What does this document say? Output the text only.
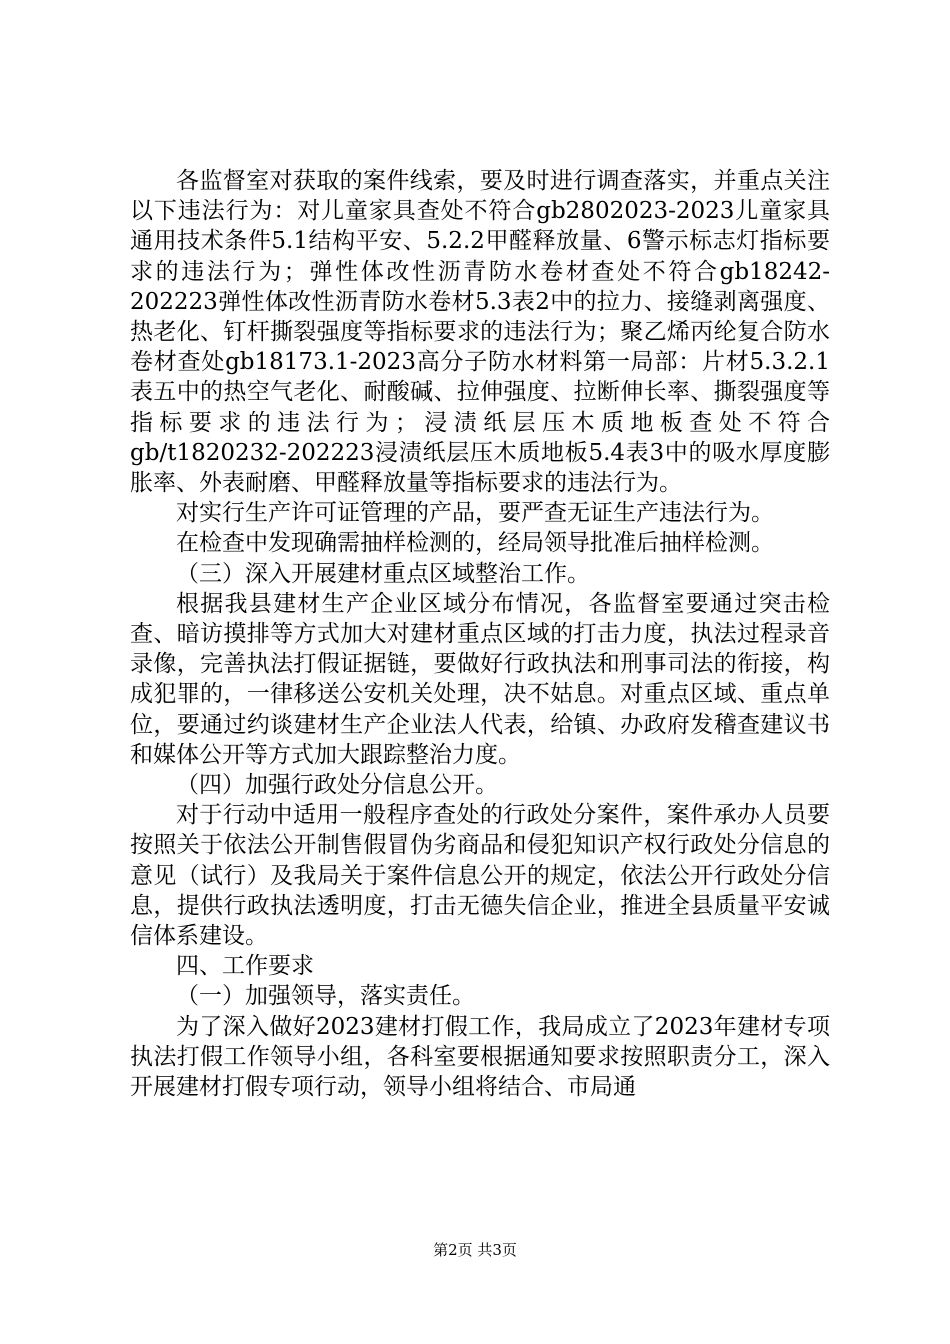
各监督室对获取的案件线索，要及时进行调查落实，并重点关注以下违法行为：对儿童家具查处不符合gb2802023-2023儿童家具通用技术条件5.1结构平安、5.2.2甲醛释放量、6警示标志灯指标要求的违法行为；弹性体改性沥青防水卷材查处不符合gb18242-202223弹性体改性沥青防水卷材5.3表2中的拉力、接缝剥离强度、热老化、钉杆撕裂强度等指标要求的违法行为；聚乙烯丙纶复合防水卷材查处gb18173.1-2023高分子防水材料第一局部：片材5.3.2.1表五中的热空气老化、耐酸碱、拉伸强度、拉断伸长率、撕裂强度等指标要求的违法行为；浸渍纸层压木质地板查处不符合gb/t1820232-202223浸渍纸层压木质地板5.4表3中的吸水厚度膨胀率、外表耐磨、甲醛释放量等指标要求的违法行为。

对实行生产许可证管理的产品，要严查无证生产违法行为。

在检查中发现确需抽样检测的，经局领导批准后抽样检测。

（三）深入开展建材重点区域整治工作。

根据我县建材生产企业区域分布情况，各监督室要通过突击检查、暗访摸排等方式加大对建材重点区域的打击力度，执法过程录音录像，完善执法打假证据链，要做好行政执法和刑事司法的衔接，构成犯罪的，一律移送公安机关处理，决不姑息。对重点区域、重点单位，要通过约谈建材生产企业法人代表，给镇、办政府发稽查建议书和媒体公开等方式加大跟踪整治力度。

（四）加强行政处分信息公开。

对于行动中适用一般程序查处的行政处分案件，案件承办人员要按照关于依法公开制售假冒伪劣商品和侵犯知识产权行政处分信息的意见（试行）及我局关于案件信息公开的规定，依法公开行政处分信息，提供行政执法透明度，打击无德失信企业，推进全县质量平安诚信体系建设。

四、工作要求

（一）加强领导，落实责任。

为了深入做好2023建材打假工作，我局成立了2023年建材专项执法打假工作领导小组，各科室要根据通知要求按照职责分工，深入开展建材打假专项行动，领导小组将结合、市局通

第2页 共3页
